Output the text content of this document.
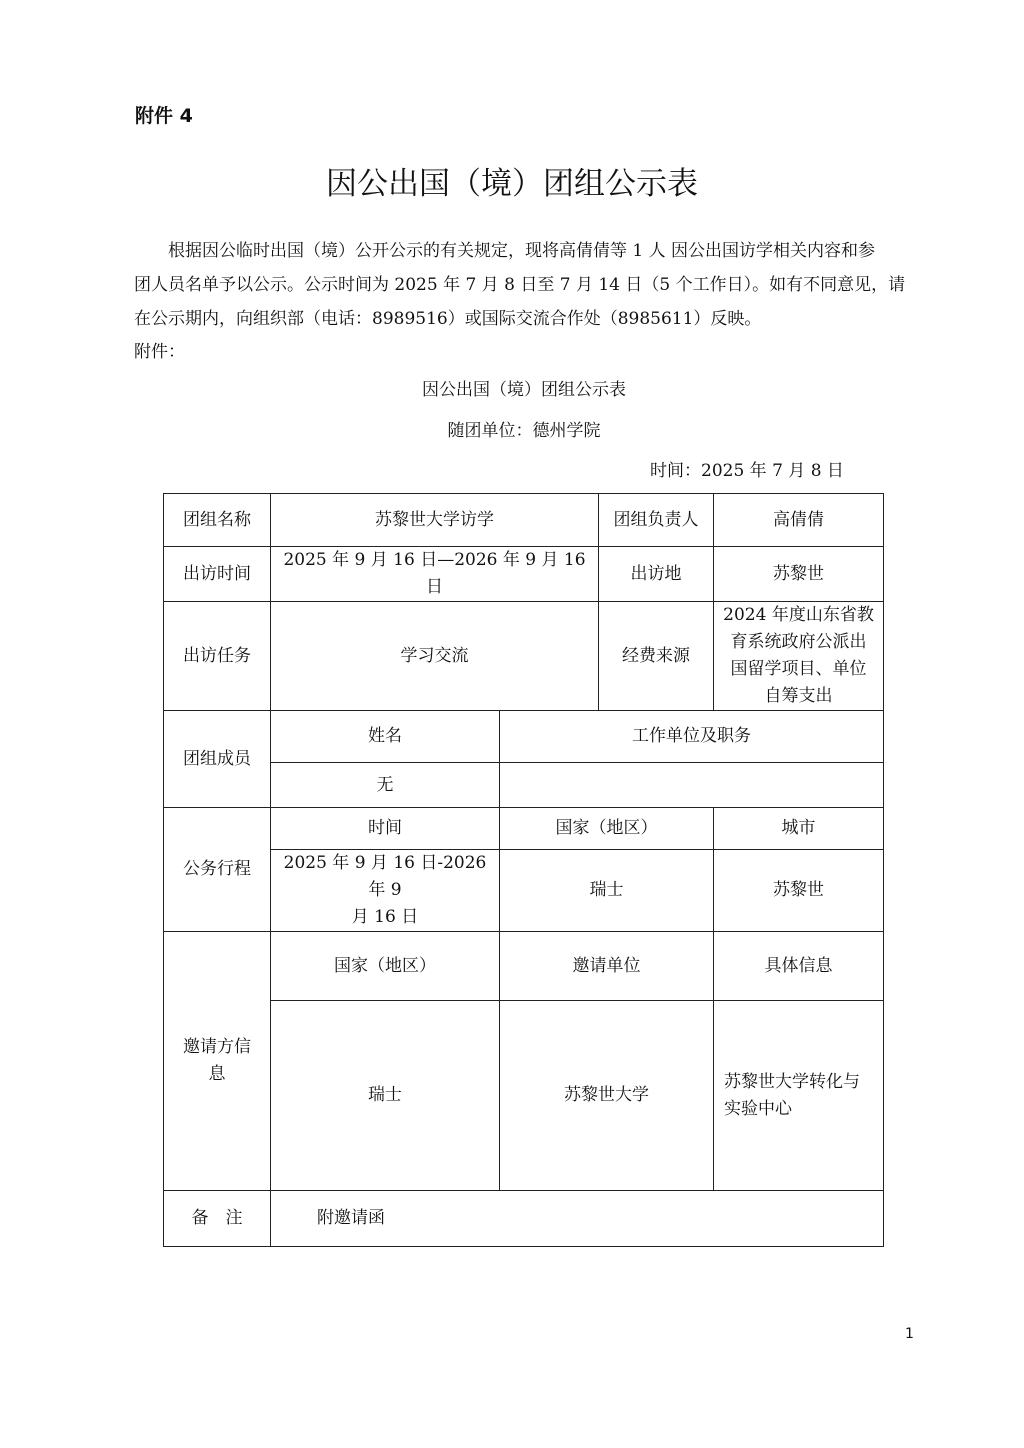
附件 4
因公出国（境）团组公示表
　　根据因公临时出国（境）公开公示的有关规定，现将高倩倩等 1 人 因公出国访学相关内容和参
团人员名单予以公示。公示时间为 2025 年 7 月 8 日至 7 月 14 日（5 个工作日）。如有不同意见，请
在公示期内，向组织部（电话：8989516）或国际交流合作处（8985611）反映。
附件：
因公出国（境）团组公示表
随团单位：德州学院
时间：2025 年 7 月 8 日
团组名称	苏黎世大学访学		团组负责人	高倩倩
出访时间	2025 年 9 月 16 日—2026 年 9 月 16 日		出访地	苏黎世
出访任务	学习交流		经费来源	2024 年度山东省教
育系统政府公派出
国留学项目、单位
自筹支出

团组成员	姓名	工作单位及职务		
	无			
公务行程	时间	国家（地区）		城市

	2025 年 9 月 16 日-2026 年 9
月 16 日	瑞士		苏黎世

邀请方信
息	国家（地区）	邀请单位		具体信息
	瑞士	苏黎世大学		苏黎世大学转化与
实验中心

备　注	附邀请函			
1
